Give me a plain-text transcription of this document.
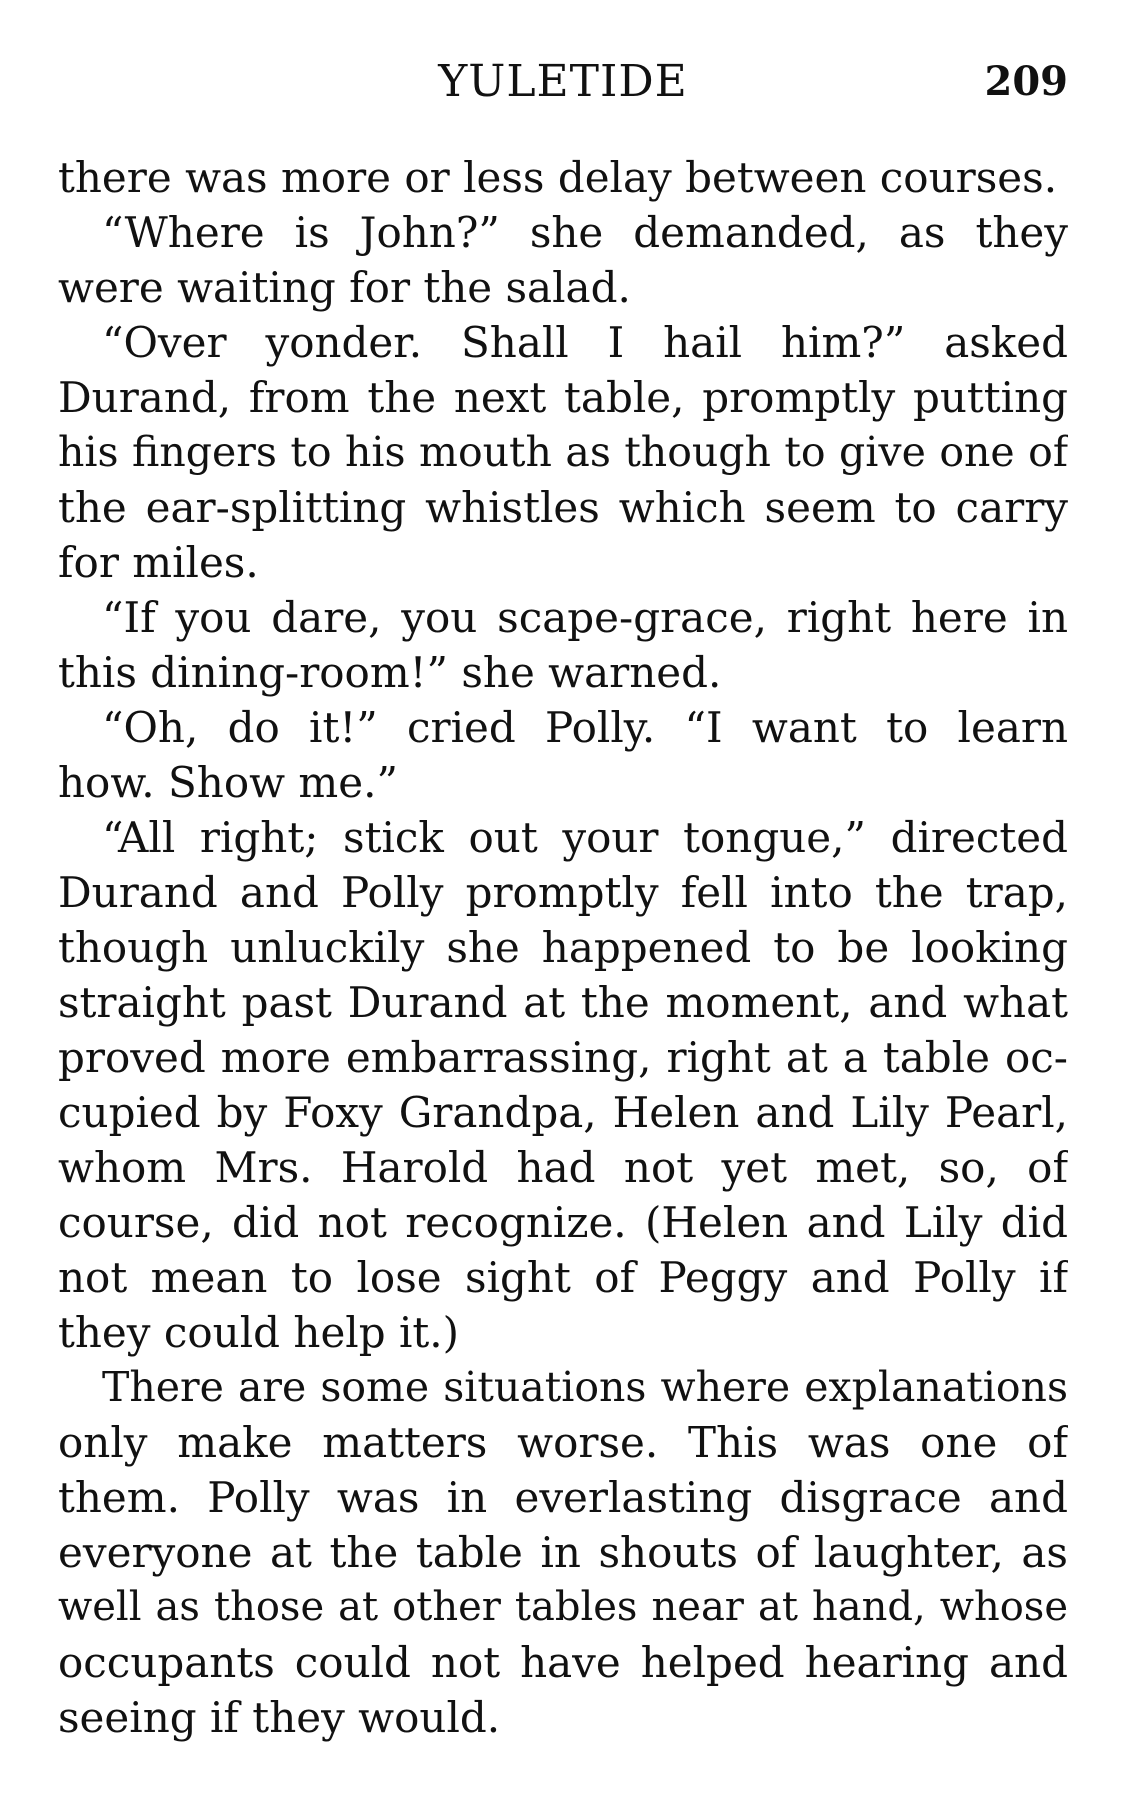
YULETIDE	209
there was more or less delay between courses.
“Where is John?” she demanded, as they
were waiting for the salad.
“Over yonder. Shall I hail him?” asked
Durand, from the next table, promptly putting
his fingers to his mouth as though to give one of
the ear-splitting whistles which seem to carry
for miles.
“If you dare, you scape-grace, right here in
this dining-room!” she warned.
“Oh, do it!” cried Polly. “I want to learn
how. Show me.”
“All right; stick out your tongue,” directed
Durand and Polly promptly fell into the trap,
though unluckily she happened to be looking
straight past Durand at the moment, and what
proved more embarrassing, right at a table oc-
cupied by Foxy Grandpa, Helen and Lily Pearl,
whom Mrs. Harold had not yet met, so, of
course, did not recognize. (Helen and Lily did
not mean to lose sight of Peggy and Polly if
they could help it.)
There are some situations where explanations
only make matters worse. This was one of
them. Polly was in everlasting disgrace and
everyone at the table in shouts of laughter, as
well as those at other tables near at hand, whose
occupants could not have helped hearing and
seeing if they would.
